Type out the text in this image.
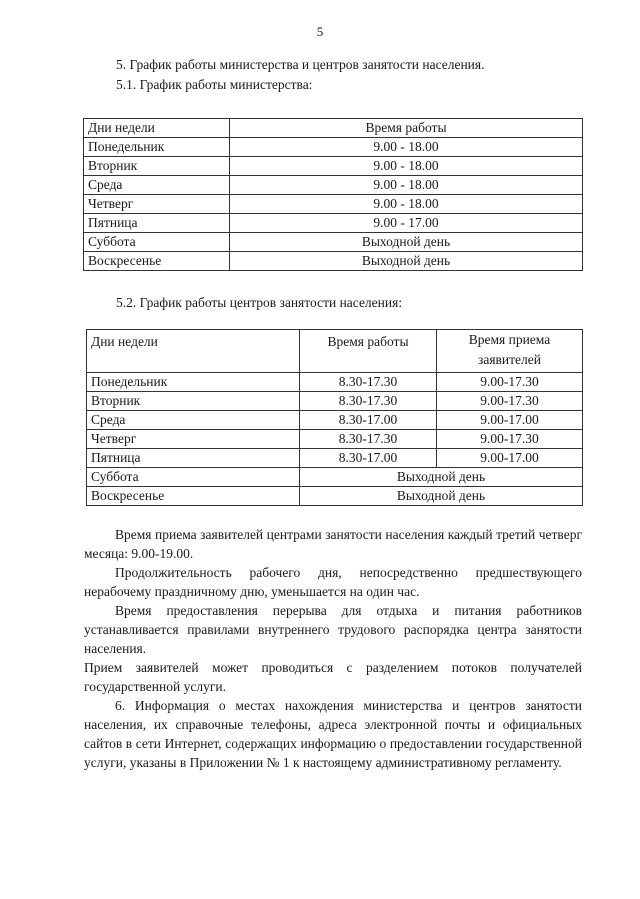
5
5. График работы министерства и центров занятости населения.
5.1. График работы министерства:
Дни недели	Время работы
Понедельник	9.00 - 18.00
Вторник	9.00 - 18.00
Среда	9.00 - 18.00
Четверг	9.00 - 18.00
Пятница	9.00 - 17.00
Суббота	Выходной день
Воскресенье	Выходной день
5.2. График работы центров занятости населения:
Дни недели	Время работы	Время приема заявителей
Понедельник	8.30-17.30	9.00-17.30
Вторник	8.30-17.30	9.00-17.30
Среда	8.30-17.00	9.00-17.00
Четверг	8.30-17.30	9.00-17.30
Пятница	8.30-17.00	9.00-17.00
Суббота	Выходной день	
Воскресенье	Выходной день	
Время приема заявителей центрами занятости населения каждый третий четверг месяца: 9.00-19.00.
Продолжительность рабочего дня, непосредственно предшествующего нерабочему праздничному дню, уменьшается на один час.
Время предоставления перерыва для отдыха и питания работников устанавливается правилами внутреннего трудового распорядка центра занятости населения.
Прием заявителей может проводиться с разделением потоков получателей государственной услуги.
6. Информация о местах нахождения министерства и центров занятости населения, их справочные телефоны, адреса электронной почты и официальных сайтов в сети Интернет, содержащих информацию о предоставлении государственной услуги, указаны в Приложении № 1 к настоящему административному регламенту.
